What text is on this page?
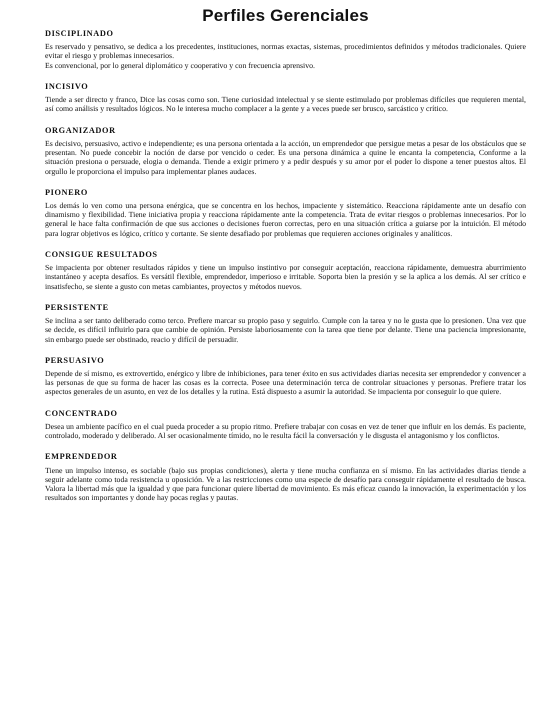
Perfiles Gerenciales
DISCIPLINADO

Es reservado y pensativo, se dedica a los precedentes, instituciones, normas exactas, sistemas, procedimientos definidos y métodos tradicionales. Quiere evitar el riesgo y problemas innecesarios.

Es convencional, por lo general diplomático y cooperativo y con frecuencia aprensivo.

INCISIVO

Tiende a ser directo y franco, Dice las cosas como son. Tiene curiosidad intelectual y se siente estimulado por problemas difíciles que requieren mental, así como análisis y resultados lógicos. No le interesa mucho complacer a la gente y a veces puede ser brusco, sarcástico y crítico.

ORGANIZADOR

Es decisivo, persuasivo, activo e independiente; es una persona orientada a la acción, un emprendedor que persigue metas a pesar de los obstáculos que se presentan. No puede concebir la noción de darse por vencido o ceder. Es una persona dinámica a quine le encanta la competencia, Conforme a la situación presiona o persuade, elogia o demanda. Tiende a exigir primero y a pedir después y su amor por el poder lo dispone a tener puestos altos. El orgullo le proporciona el impulso para implementar planes audaces.

PIONERO

Los demás lo ven como una persona enérgica, que se concentra en los hechos, impaciente y sistemático. Reacciona rápidamente ante un desafío con dinamismo y flexibilidad. Tiene iniciativa propia y reacciona rápidamente ante la competencia. Trata de evitar riesgos o problemas innecesarios. Por lo general le hace falta confirmación de que sus acciones o decisiones fueron correctas, pero en una situación crítica a guiarse por la intuición. El método para lograr objetivos es lógico, crítico y cortante. Se siente desafiado por problemas que requieren acciones originales y analíticos.

CONSIGUE RESULTADOS

Se impacienta por obtener resultados rápidos y tiene un impulso instintivo por conseguir aceptación, reacciona rápidamente, demuestra aburrimiento instantáneo y acepta desafíos. Es versátil flexible, emprendedor, imperioso e irritable. Soporta bien la presión y se la aplica a los demás. Al ser crítico e insatisfecho, se siente a gusto con metas cambiantes, proyectos y métodos nuevos.

PERSISTENTE

Se inclina a ser tanto deliberado como terco. Prefiere marcar su propio paso y seguirlo. Cumple con la tarea y no le gusta que lo presionen. Una vez que se decide, es difícil influirlo para que cambie de opinión. Persiste laboriosamente con la tarea que tiene por delante. Tiene una paciencia impresionante, sin embargo puede ser obstinado, reacio y difícil de persuadir.

PERSUASIVO

Depende de sí mismo, es extrovertido, enérgico y libre de inhibiciones, para tener éxito en sus actividades diarias necesita ser emprendedor y convencer a las personas de que su forma de hacer las cosas es la correcta. Posee una determinación terca de controlar situaciones y personas. Prefiere tratar los aspectos generales de un asunto, en vez de los detalles y la rutina. Está dispuesto a asumir la autoridad. Se impacienta por conseguir lo que quiere.

CONCENTRADO

Desea un ambiente pacífico en el cual pueda proceder a su propio ritmo. Prefiere trabajar con cosas en vez de tener que influir en los demás. Es paciente, controlado, moderado y deliberado. Al ser ocasionalmente tímido, no le resulta fácil la conversación y le disgusta el antagonismo y los conflictos.

EMPRENDEDOR

Tiene un impulso intenso, es sociable (bajo sus propias condiciones), alerta y tiene mucha confianza en sí mismo. En las actividades diarias tiende a seguir adelante como toda resistencia u oposición. Ve a las restricciones como una especie de desafío para conseguir rápidamente el resultado de busca. Valora la libertad más que la igualdad y que para funcionar quiere libertad de movimiento. Es más eficaz cuando la innovación, la experimentación y los resultados son importantes y donde hay pocas reglas y pautas.
